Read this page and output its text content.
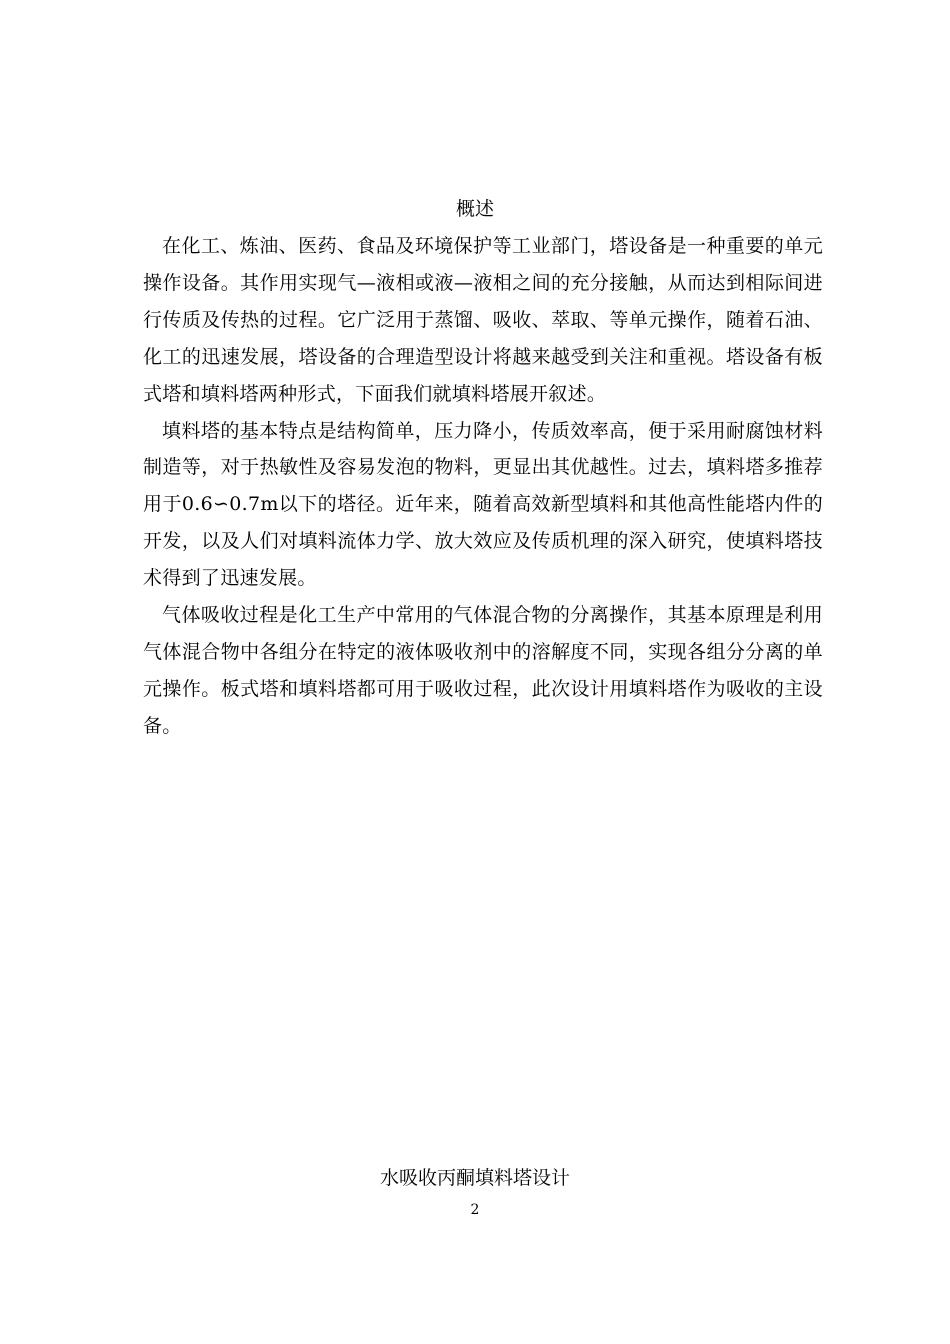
概述

在化工、炼油、医药、食品及环境保护等工业部门，塔设备是一种重要的单元操作设备。其作用实现气—液相或液—液相之间的充分接触，从而达到相际间进行传质及传热的过程。它广泛用于蒸馏、吸收、萃取、等单元操作，随着石油、化工的迅速发展，塔设备的合理造型设计将越来越受到关注和重视。塔设备有板式塔和填料塔两种形式，下面我们就填料塔展开叙述。

填料塔的基本特点是结构简单，压力降小，传质效率高，便于采用耐腐蚀材料制造等，对于热敏性及容易发泡的物料，更显出其优越性。过去，填料塔多推荐用于0.6∽0.7m以下的塔径。近年来，随着高效新型填料和其他高性能塔内件的开发，以及人们对填料流体力学、放大效应及传质机理的深入研究，使填料塔技术得到了迅速发展。

气体吸收过程是化工生产中常用的气体混合物的分离操作，其基本原理是利用气体混合物中各组分在特定的液体吸收剂中的溶解度不同，实现各组分分离的单元操作。板式塔和填料塔都可用于吸收过程，此次设计用填料塔作为吸收的主设备。

水吸收丙酮填料塔设计
2
